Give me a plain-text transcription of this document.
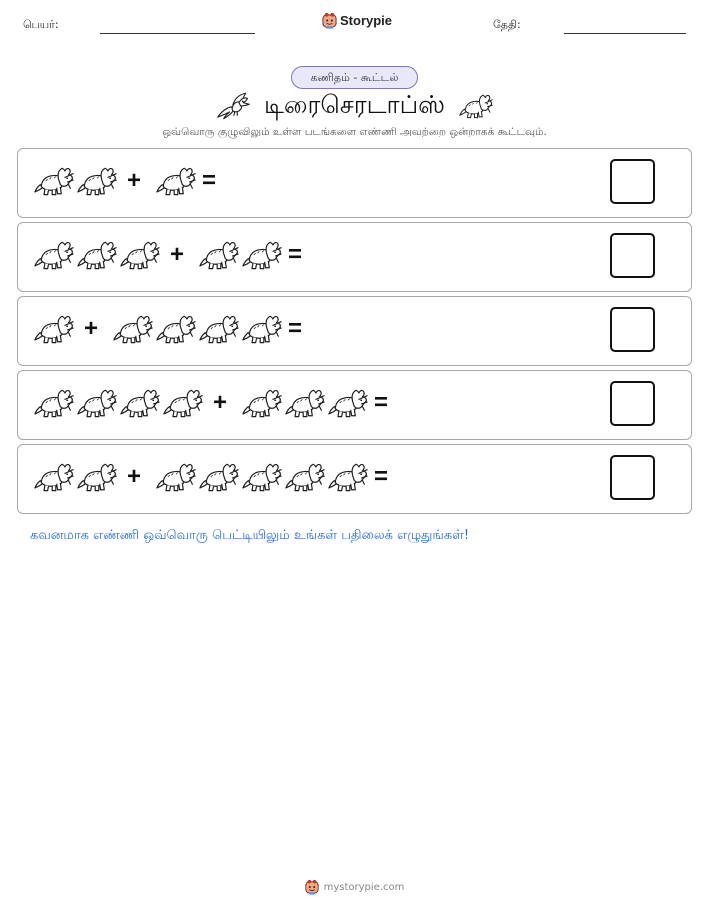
பெயர்:	Storypie	தேதி:
கணிதம் - கூட்டல்
டிரைசெரடாப்ஸ்
ஒவ்வொரு குழுவிலும் உள்ள படங்களை எண்ணி அவற்றை ஒன்றாகக் கூட்டவும்.
+	=
+	=
+	=
+	=
+	=
கவனமாக எண்ணி ஒவ்வொரு பெட்டியிலும் உங்கள் பதிலைக் எழுதுங்கள்!
mystorypie.com
